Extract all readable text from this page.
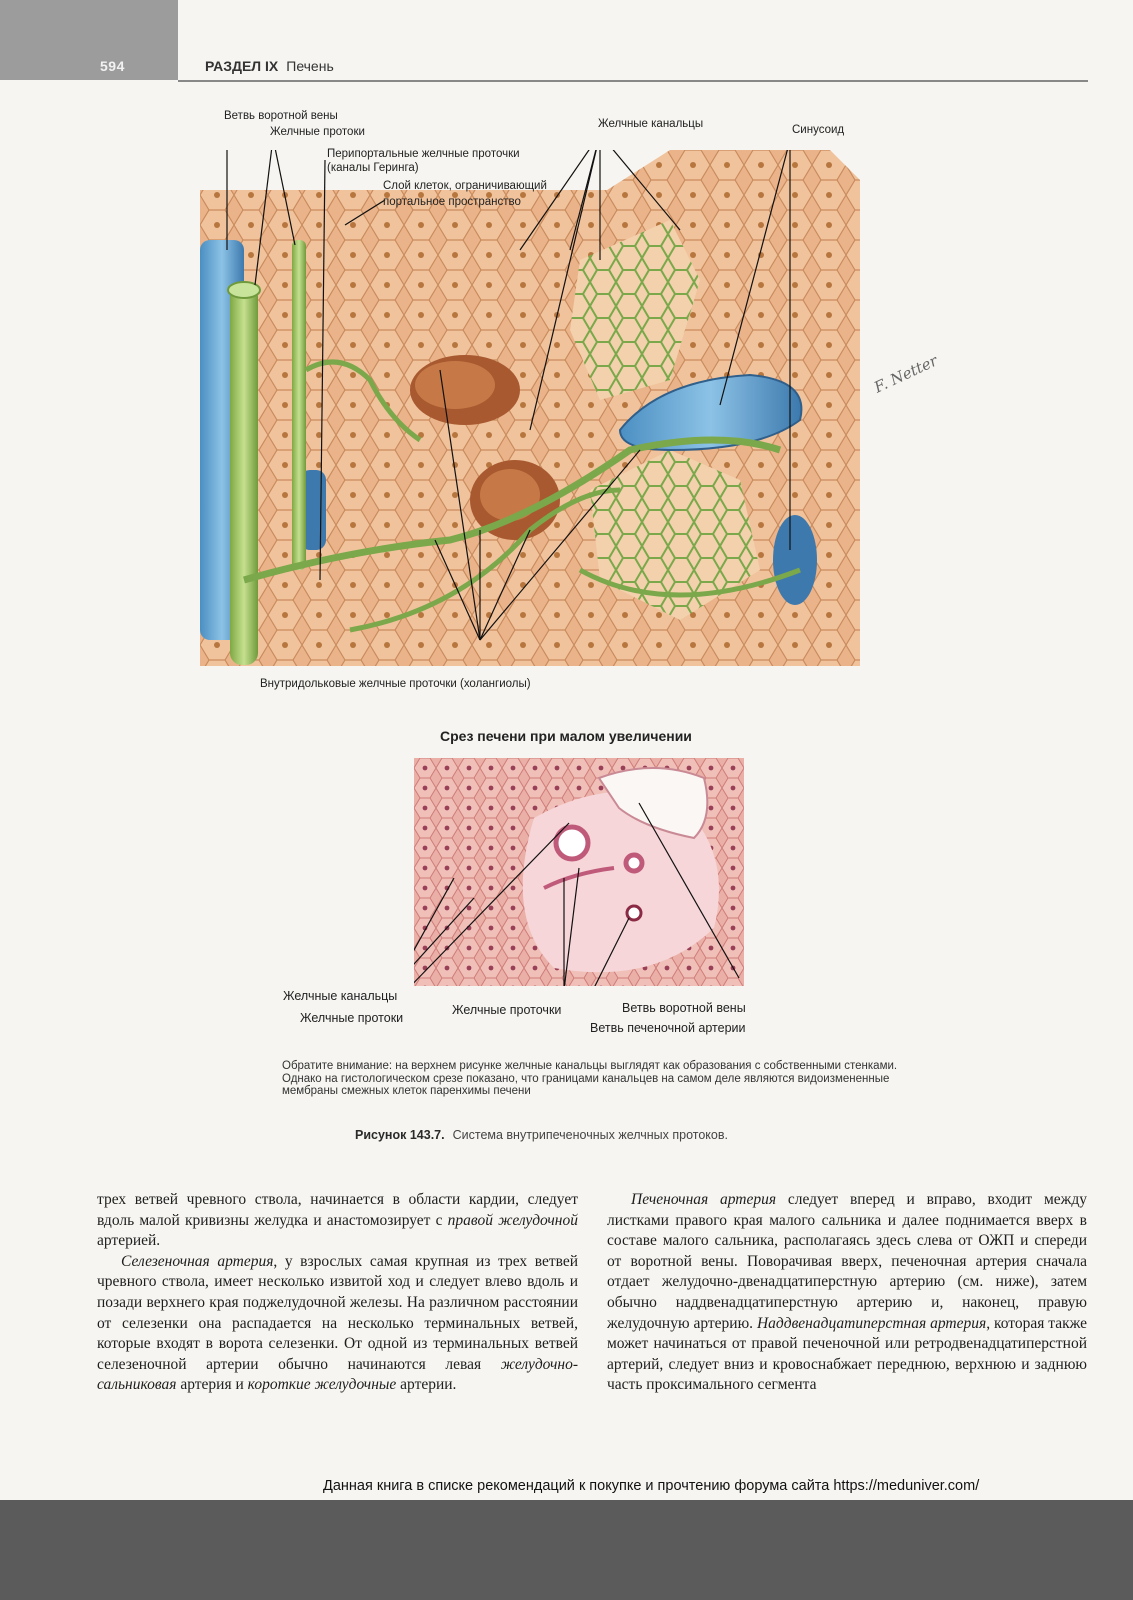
594	РАЗДЕЛ IX Печень
Ветвь воротной вены
Желчные протоки
Перипортальные желчные проточки
(каналы Геринга)
Слой клеток, ограничивающий
портальное пространство
Желчные канальцы	Синусоид
Внутридольковые желчные проточки (холангиолы)
F. Netter
Срез печени при малом увеличении
Желчные канальцы
Желчные протоки
Желчные проточки	Ветвь воротной вены
Ветвь печеночной артерии
Обратите внимание: на верхнем рисунке желчные канальцы выглядят как образования с собственными стенками.
Однако на гистологическом срезе показано, что границами канальцев на самом деле являются видоизмененные
мембраны смежных клеток паренхимы печени
Рисунок 143.7. Система внутрипеченочных желчных протоков.

трех ветвей чревного ствола, начинается в области кардии, следует вдоль малой кривизны желудка и анастомозирует с правой желудочной артерией.

Селезеночная артерия, у взрослых самая крупная из трех ветвей чревного ствола, имеет несколько извитой ход и следует влево вдоль и позади верхнего края поджелудочной железы. На различном расстоянии от селезенки она распадается на несколько терминальных ветвей, которые входят в ворота селезенки. От одной из терминальных ветвей селезеночной артерии обычно начинаются левая желудочно-сальниковая артерия и короткие желудочные артерии.

Печеночная артерия следует вперед и вправо, входит между листками правого края малого сальника и далее поднимается вверх в составе малого сальника, располагаясь здесь слева от ОЖП и спереди от воротной вены. Поворачивая вверх, печеночная артерия сначала отдает желудочно-двенадцатиперстную артерию (см. ниже), затем обычно наддвенадцатиперстную артерию и, наконец, правую желудочную артерию. Наддвенадцатиперстная артерия, которая также может начинаться от правой печеночной или ретродвенадцатиперстной артерий, следует вниз и кровоснабжает переднюю, верхнюю и заднюю часть проксимального сегмента

Данная книга в списке рекомендаций к покупке и прочтению форума сайта https://meduniver.com/
